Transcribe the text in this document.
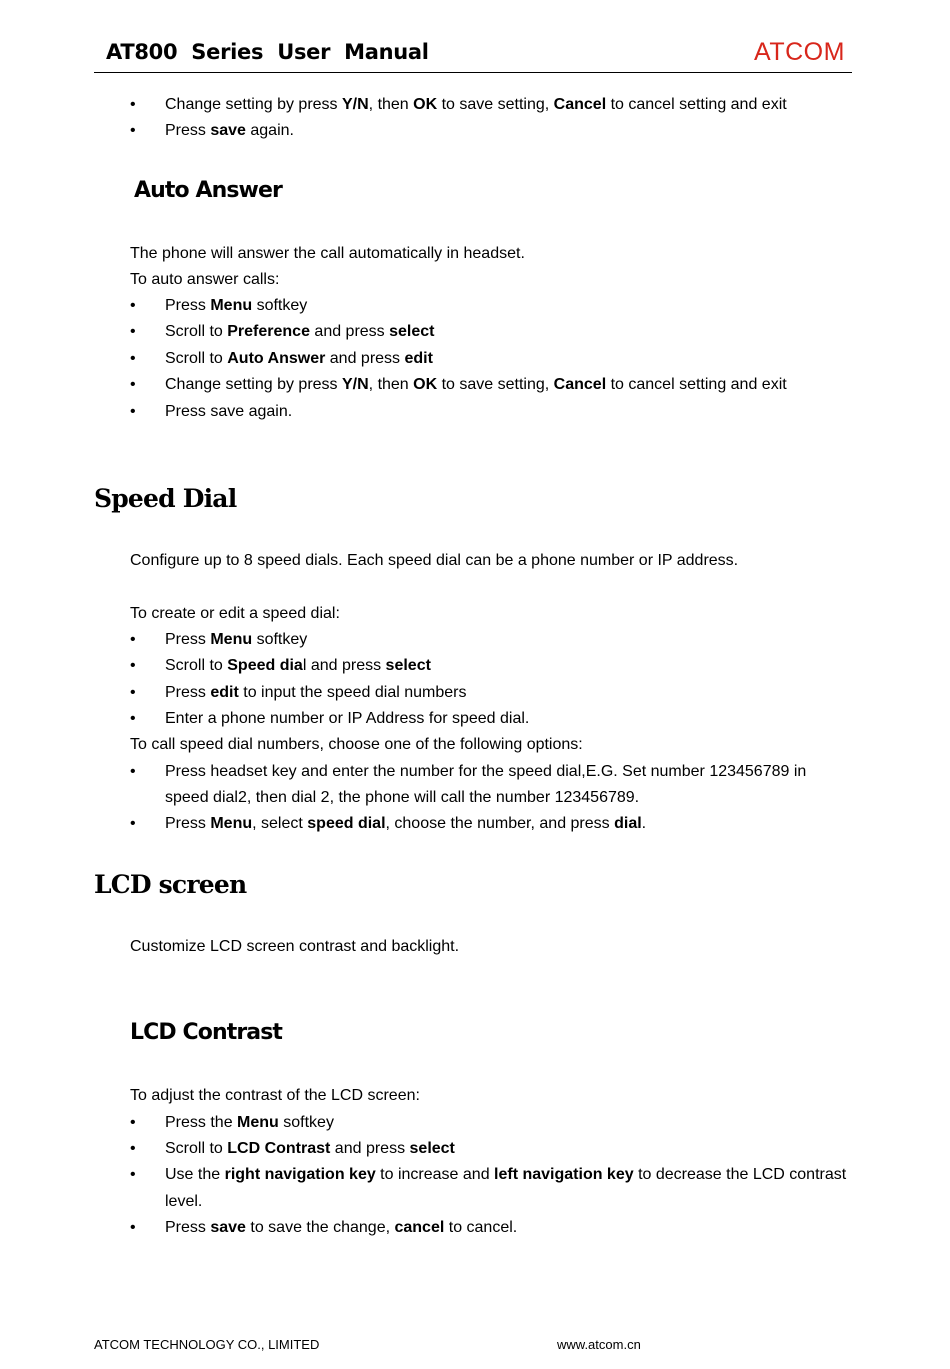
AT800  Series  User  Manual	ATCOM
• Change setting by press Y/N, then OK to save setting, Cancel to cancel setting and exit
• Press save again.
Auto Answer
The phone will answer the call automatically in headset.
To auto answer calls:
• Press Menu softkey
• Scroll to Preference and press select
• Scroll to Auto Answer and press edit
• Change setting by press Y/N, then OK to save setting, Cancel to cancel setting and exit
• Press save again.
Speed Dial
Configure up to 8 speed dials. Each speed dial can be a phone number or IP address.
To create or edit a speed dial:
• Press Menu softkey
• Scroll to Speed dial and press select
• Press edit to input the speed dial numbers
• Enter a phone number or IP Address for speed dial.
To call speed dial numbers, choose one of the following options:
• Press headset key and enter the number for the speed dial,E.G. Set number 123456789 in
speed dial2, then dial 2, the phone will call the number 123456789.
• Press Menu, select speed dial, choose the number, and press dial.
LCD screen
Customize LCD screen contrast and backlight.
LCD Contrast
To adjust the contrast of the LCD screen:
• Press the Menu softkey
• Scroll to LCD Contrast and press select
• Use the right navigation key to increase and left navigation key to decrease the LCD contrast
level.
• Press save to save the change, cancel to cancel.
ATCOM TECHNOLOGY CO., LIMITED	www.atcom.cn
